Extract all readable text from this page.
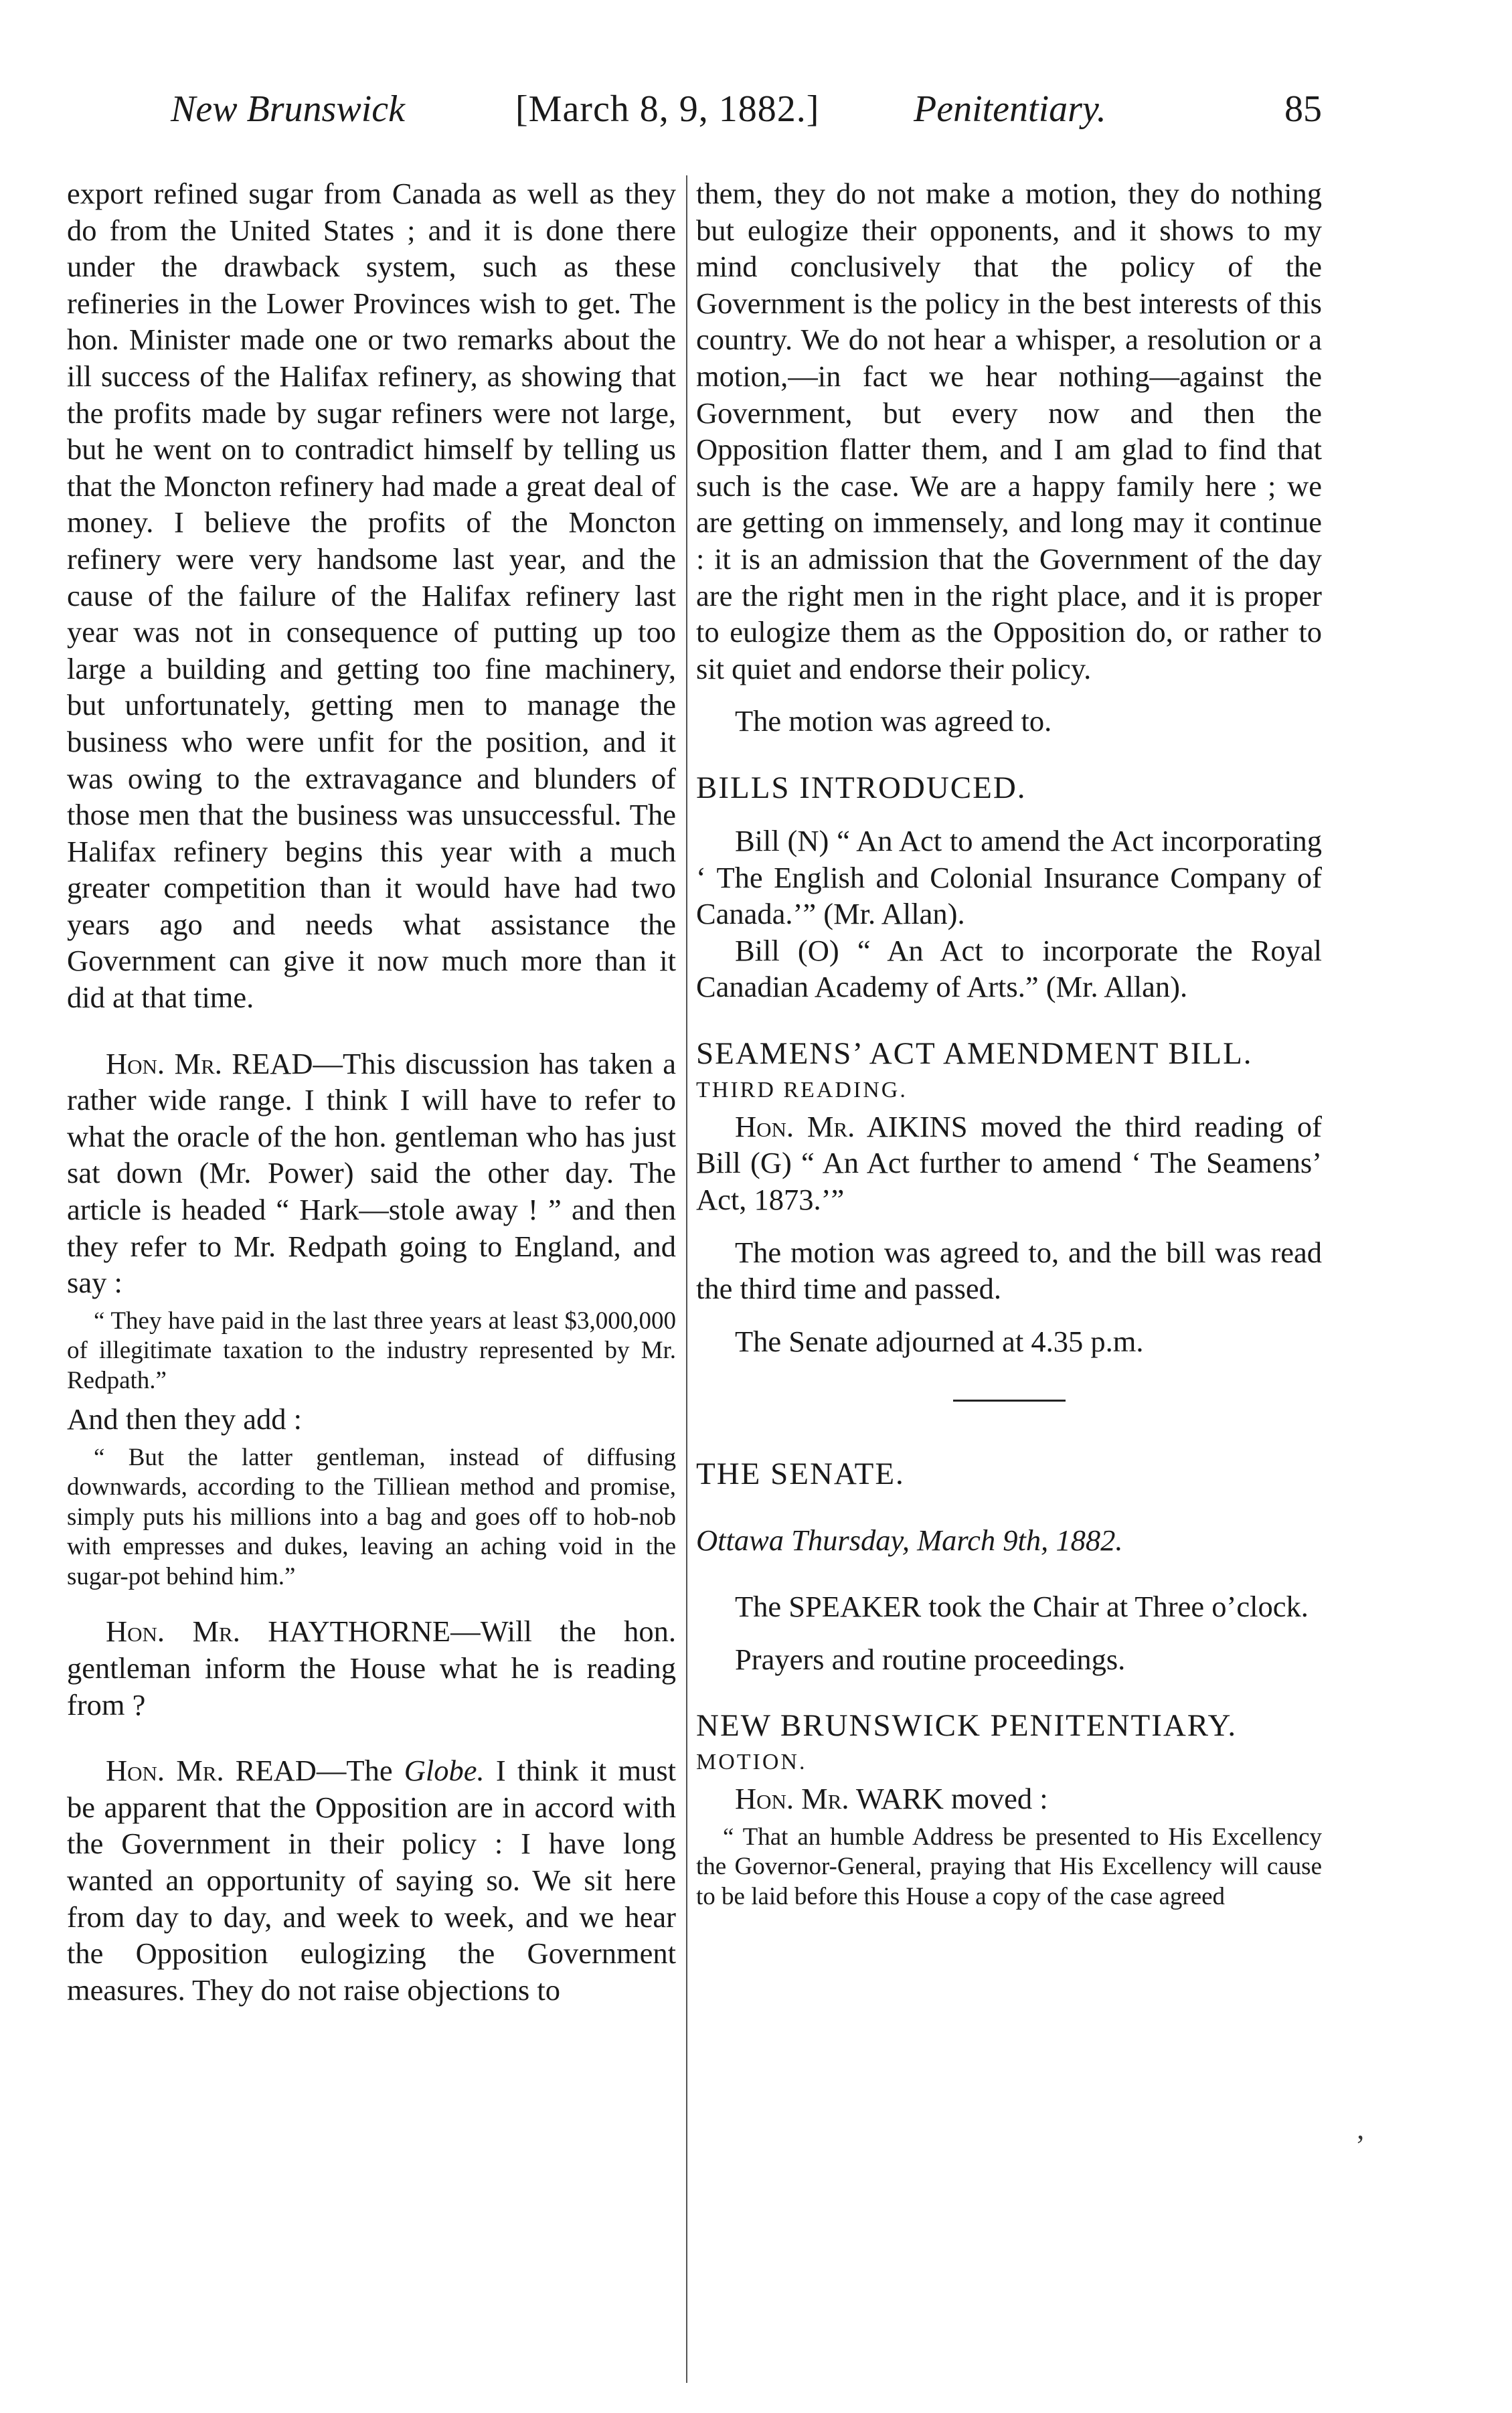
New Brunswick	[March 8, 9, 1882.]	Penitentiary.	85

export refined sugar from Canada as well as they do from the United States ; and it is done there under the drawback system, such as these refineries in the Lower Provinces wish to get. The hon. Minister made one or two remarks about the ill success of the Halifax refinery, as showing that the profits made by sugar refiners were not large, but he went on to contradict himself by telling us that the Moncton refinery had made a great deal of money. I believe the profits of the Moncton refinery were very handsome last year, and the cause of the failure of the Halifax refinery last year was not in consequence of putting up too large a building and getting too fine machinery, but unfortunately, getting men to manage the business who were unfit for the position, and it was owing to the extravagance and blunders of those men that the business was unsuccessful. The Halifax refinery begins this year with a much greater competition than it would have had two years ago and needs what assistance the Government can give it now much more than it did at that time.

Hon. Mr. READ—This discussion has taken a rather wide range. I think I will have to refer to what the oracle of the hon. gentleman who has just sat down (Mr. Power) said the other day. The article is headed “ Hark—stole away ! ” and then they refer to Mr. Redpath going to England, and say :

“ They have paid in the last three years at least $3,000,000 of illegitimate taxation to the industry represented by Mr. Redpath.”

And then they add :

“ But the latter gentleman, instead of diffusing downwards, according to the Tilliean method and promise, simply puts his millions into a bag and goes off to hob-nob with empresses and dukes, leaving an aching void in the sugar-pot behind him.”

Hon. Mr. HAYTHORNE—Will the hon. gentleman inform the House what he is reading from ?

Hon. Mr. READ—The Globe. I think it must be apparent that the Opposition are in accord with the Government in their policy : I have long wanted an opportunity of saying so. We sit here from day to day, and week to week, and we hear the Opposition eulogizing the Government measures. They do not raise objections to

them, they do not make a motion, they do nothing but eulogize their opponents, and it shows to my mind conclusively that the policy of the Government is the policy in the best interests of this country. We do not hear a whisper, a resolution or a motion,—in fact we hear nothing—against the Government, but every now and then the Opposition flatter them, and I am glad to find that such is the case. We are a happy family here ; we are getting on immensely, and long may it continue : it is an admission that the Government of the day are the right men in the right place, and it is proper to eulogize them as the Opposition do, or rather to sit quiet and endorse their policy.

The motion was agreed to.

BILLS INTRODUCED.

Bill (N) “ An Act to amend the Act incorporating ‘ The English and Colonial Insurance Company of Canada.’” (Mr. Allan).

Bill (O) “ An Act to incorporate the Royal Canadian Academy of Arts.” (Mr. Allan).

SEAMENS’ ACT AMENDMENT BILL.

THIRD READING.

Hon. Mr. AIKINS moved the third reading of Bill (G) “ An Act further to amend ‘ The Seamens’ Act, 1873.’”

The motion was agreed to, and the bill was read the third time and passed.

The Senate adjourned at 4.35 p.m.

THE SENATE.

Ottawa Thursday, March 9th, 1882.

The SPEAKER took the Chair at Three o’clock.

Prayers and routine proceedings.

NEW BRUNSWICK PENITENTIARY.

MOTION.

Hon. Mr. WARK moved :

“ That an humble Address be presented to His Excellency the Governor-General, praying that His Excellency will cause to be laid before this House a copy of the case agreed

ʼ
